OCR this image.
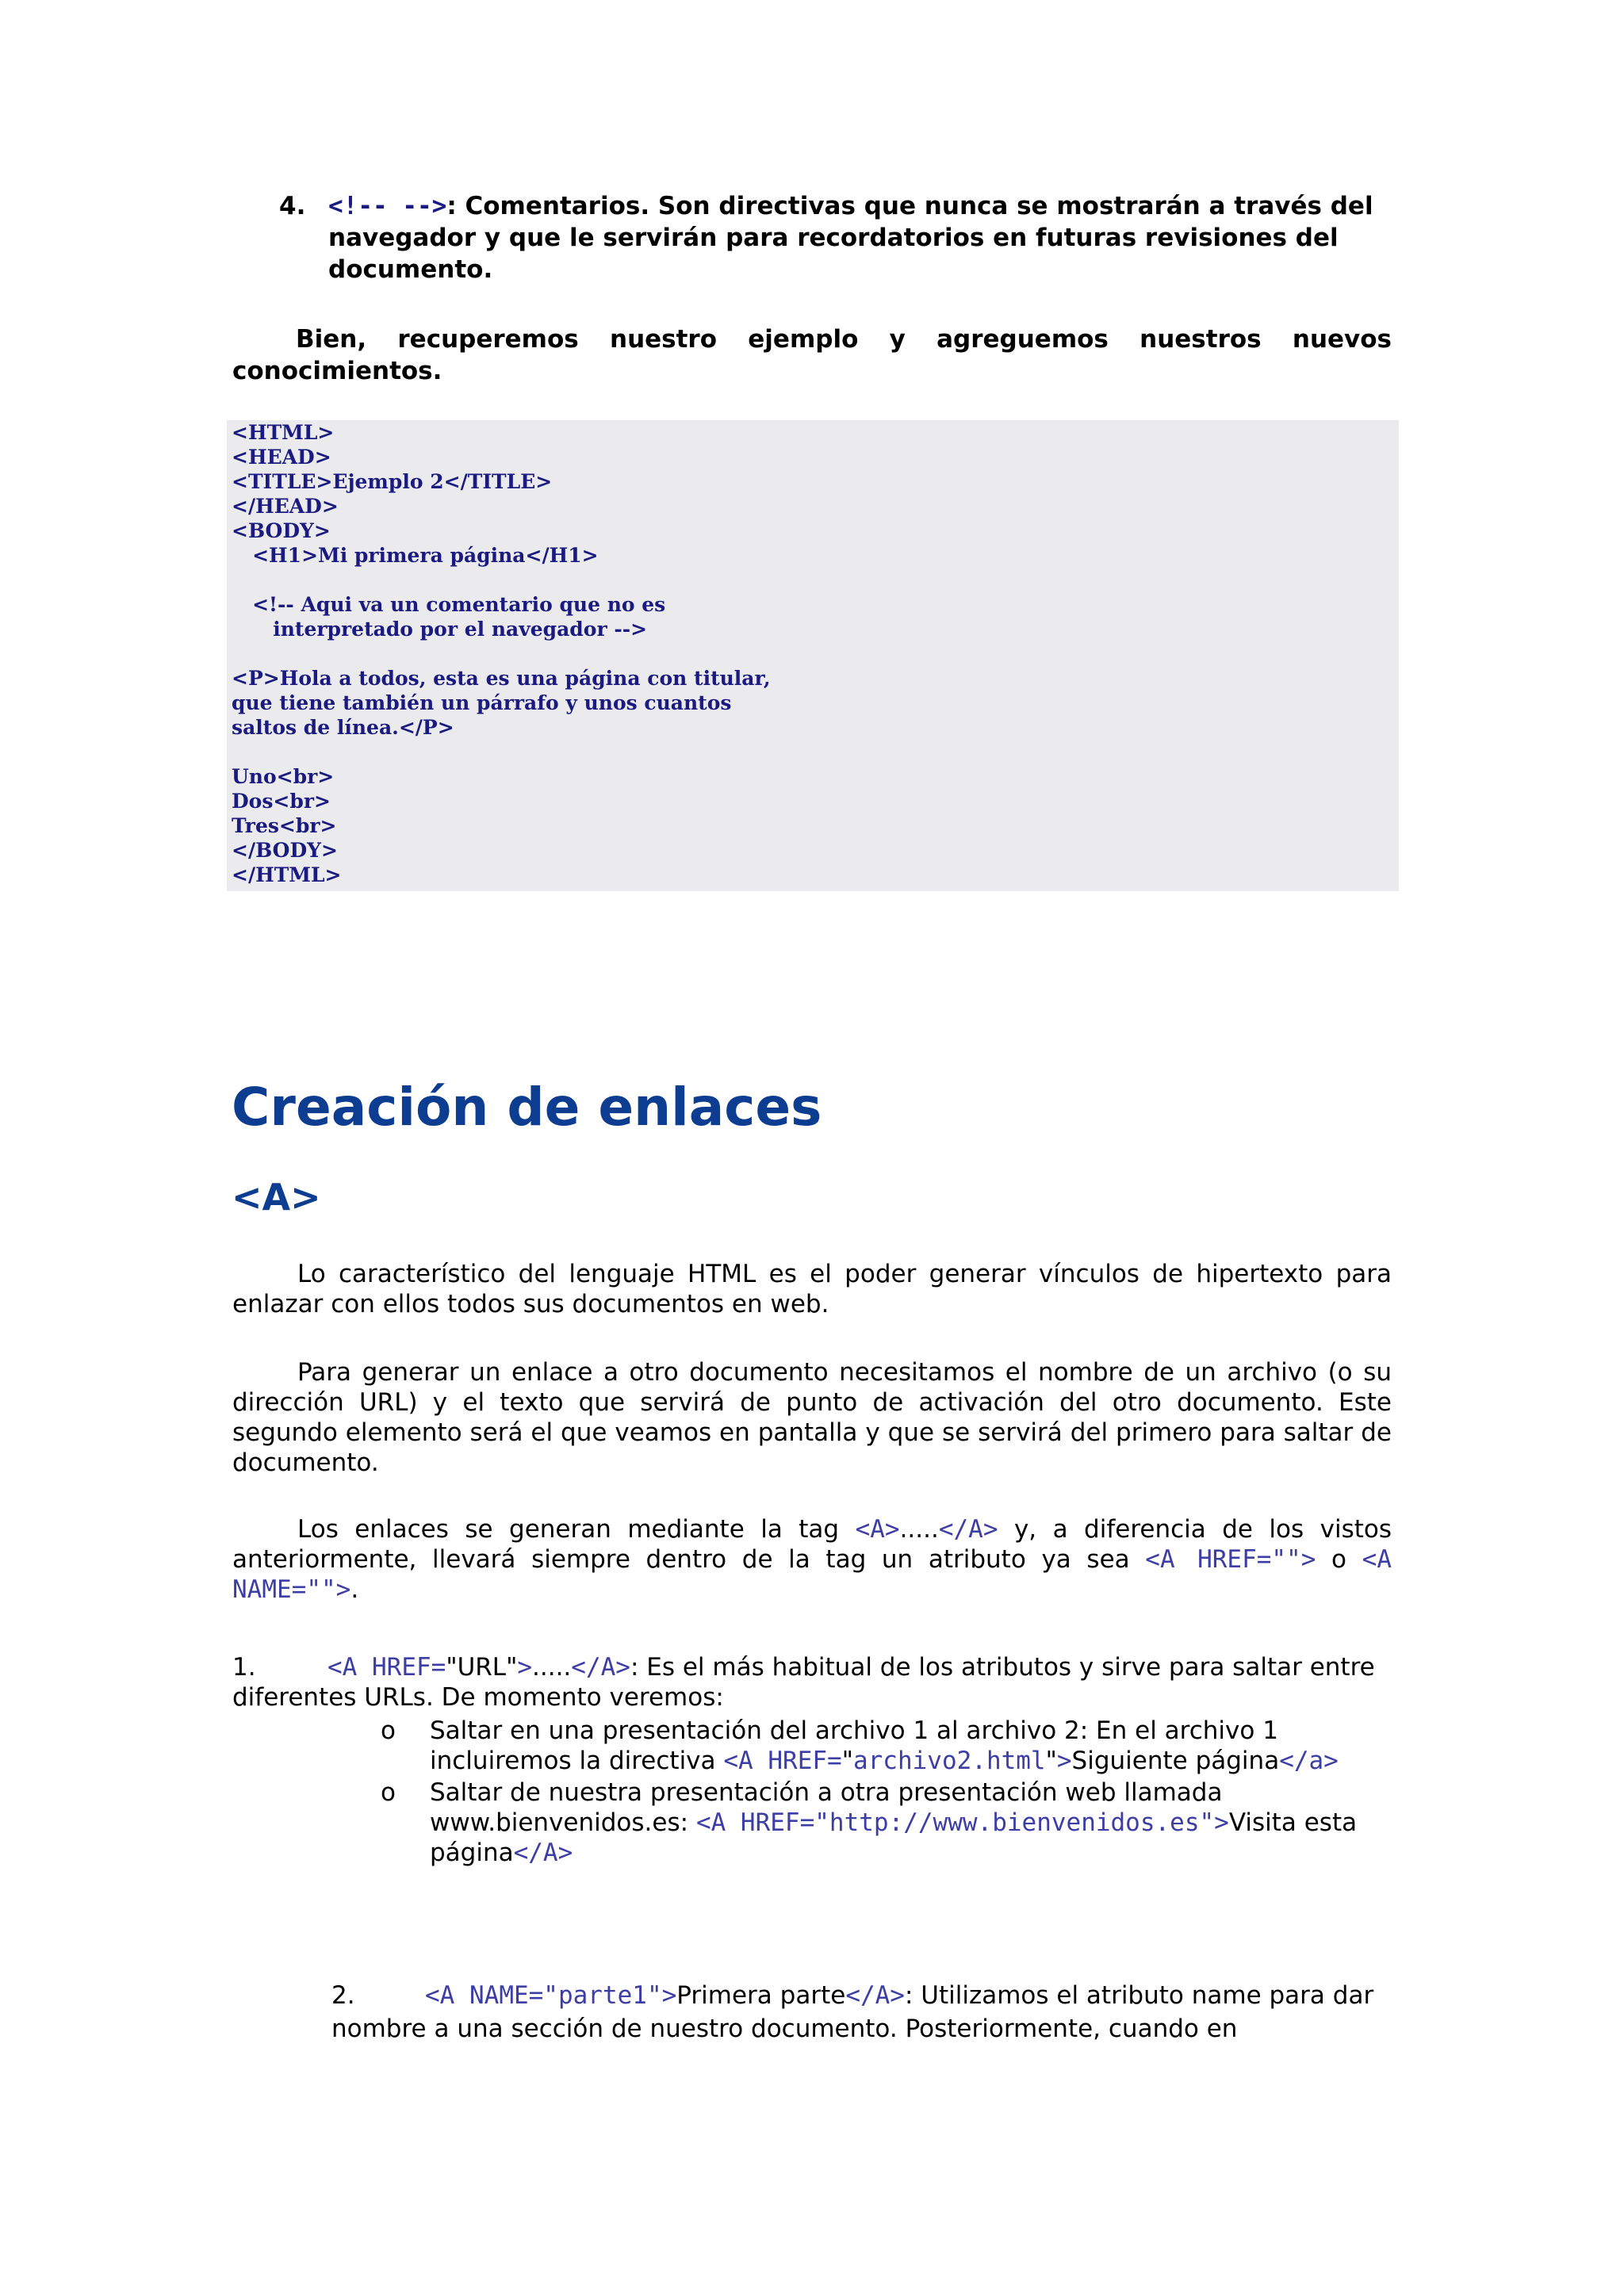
4. <!-- -->: Comentarios. Son directivas que nunca se mostrarán a través del navegador y que le servirán para recordatorios en futuras revisiones del documento.

Bien, recuperemos nuestro ejemplo y agreguemos nuestros nuevos conocimientos.

<HTML>
<HEAD>
<TITLE>Ejemplo 2</TITLE>
</HEAD>
<BODY>
<H1>Mi primera página</H1>

<!-- Aqui va un comentario que no es
interpretado por el navegador -->

<P>Hola a todos, esta es una página con titular,
que tiene también un párrafo y unos cuantos
saltos de línea.</P>

Uno<br>
Dos<br>
Tres<br>
</BODY>
</HTML>
Creación de enlaces
<A>

Lo característico del lenguaje HTML es el poder generar vínculos de hipertexto para enlazar con ellos todos sus documentos en web.

Para generar un enlace a otro documento necesitamos el nombre de un archivo (o su dirección URL) y el texto que servirá de punto de activación del otro documento. Este segundo elemento será el que veamos en pantalla y que se servirá del primero para saltar de documento.

Los enlaces se generan mediante la tag <A>.....</A> y, a diferencia de los vistos anteriormente, llevará siempre dentro de la tag un atributo ya sea <A HREF=""> o <A NAME="">.

1.	<A HREF="URL">.....</A>: Es el más habitual de los atributos y sirve para saltar entre diferentes URLs. De momento veremos:
o Saltar en una presentación del archivo 1 al archivo 2: En el archivo 1 incluiremos la directiva <A HREF="archivo2.html">Siguiente página</a>
o Saltar de nuestra presentación a otra presentación web llamada www.bienvenidos.es: <A HREF="http://www.bienvenidos.es">Visita esta página</A>
2.	<A NAME="parte1">Primera parte</A>: Utilizamos el atributo name para dar nombre a una sección de nuestro documento. Posteriormente, cuando en
